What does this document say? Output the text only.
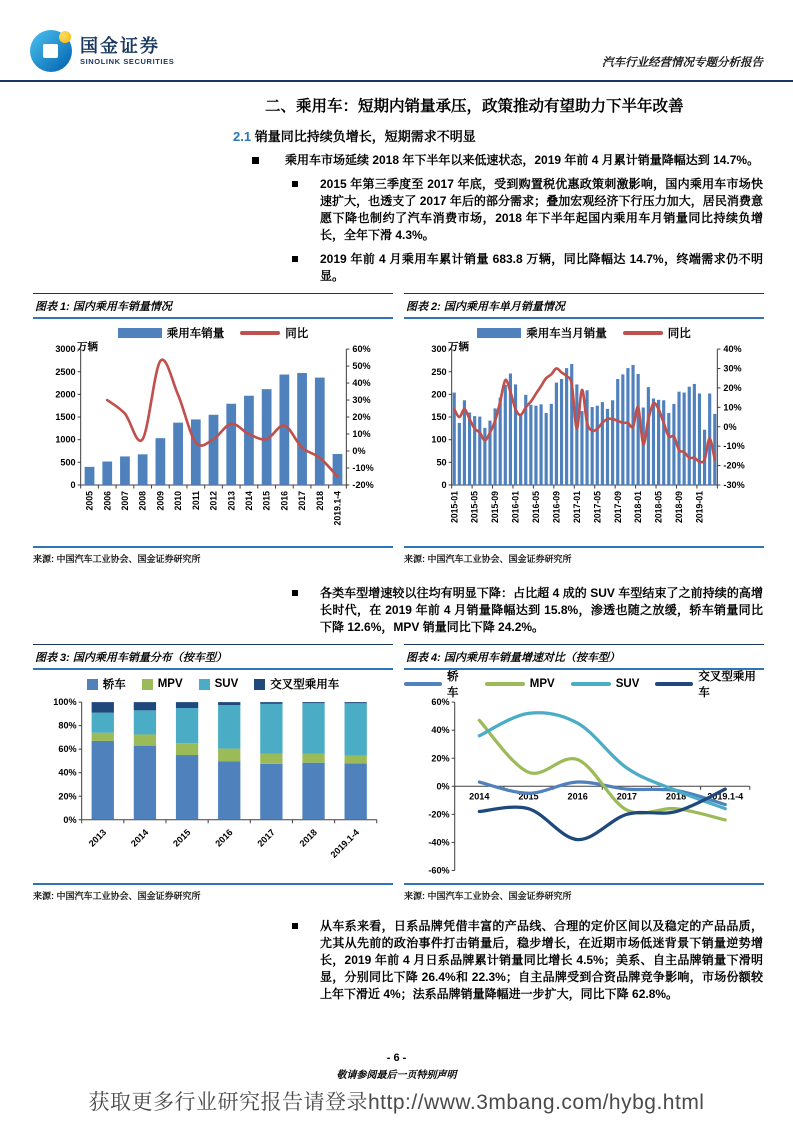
国金证券
SINOLINK SECURITIES	汽车行业经营情况专题分析报告
二、乘用车：短期内销量承压，政策推动有望助力下半年改善
2.1 销量同比持续负增长，短期需求不明显

乘用车市场延续 2018 年下半年以来低速状态，2019 年前 4 月累计销量降幅达到 14.7%。

2015 年第三季度至 2017 年底，受到购置税优惠政策刺激影响，国内乘用车市场快速扩大，也透支了 2017 年后的部分需求；叠加宏观经济下行压力加大，居民消费意愿下降也制约了汽车消费市场，2018 年下半年起国内乘用车月销量同比持续负增长，全年下滑 4.3%。

2019 年前 4 月乘用车累计销量 683.8 万辆，同比降幅达 14.7%，终端需求仍不明显。

图表 1: 国内乘用车销量情况
乘用车销量	同比
万辆
0
500
1000
1500
2000
2500
3000
-20%
-10%
0%
10%
20%
30%
40%
50%
60%
2005 2006 2007 2008 2009 2010 2011 2012 2013 2014 2015 2016 2017 2018 2019.1-4
来源: 中国汽车工业协会、国金证券研究所
图表 2: 国内乘用车单月销量情况
乘用车当月销量	同比
万辆
0
50
100
150
200
250
300
-30%
-20%
-10%
0%
10%
20%
30%
40%
2015-01 2015-05 2015-09 2016-01 2016-05 2016-09 2017-01 2017-05 2017-09 2018-01 2018-05 2018-09 2019-01
来源: 中国汽车工业协会、国金证券研究所

各类车型增速较以往均有明显下降：占比超 4 成的 SUV 车型结束了之前持续的高增长时代，在 2019 年前 4 月销量降幅达到 15.8%，渗透也随之放缓，轿车销量同比下降 12.6%，MPV 销量同比下降 24.2%。

图表 3: 国内乘用车销量分布（按车型）
轿车	MPV	SUV	交叉型乘用车
0%
20%
40%
60%
80%
100%
2013 2014 2015 2016 2017 2018 2019.1-4
来源: 中国汽车工业协会、国金证券研究所
图表 4: 国内乘用车销量增速对比（按车型）
轿车
MPV	SUV
交叉型乘用车
-60%
-40%
-20%
0%
20%
40%
60%
2014	2015	2016	2017	2018 2019.1-4
来源: 中国汽车工业协会、国金证券研究所

从车系来看，日系品牌凭借丰富的产品线、合理的定价区间以及稳定的产品品质，尤其从先前的政治事件打击销量后，稳步增长，在近期市场低迷背景下销量逆势增长，2019 年前 4 月日系品牌累计销量同比增长 4.5%；美系、自主品牌销量下滑明显，分别同比下降 26.4%和 22.3%；自主品牌受到合资品牌竞争影响，市场份额较上年下滑近 4%；法系品牌销量降幅进一步扩大，同比下降 62.8%。

- 6 -
敬请参阅最后一页特别声明
获取更多行业研究报告请登录http://www.3mbang.com/hybg.html
